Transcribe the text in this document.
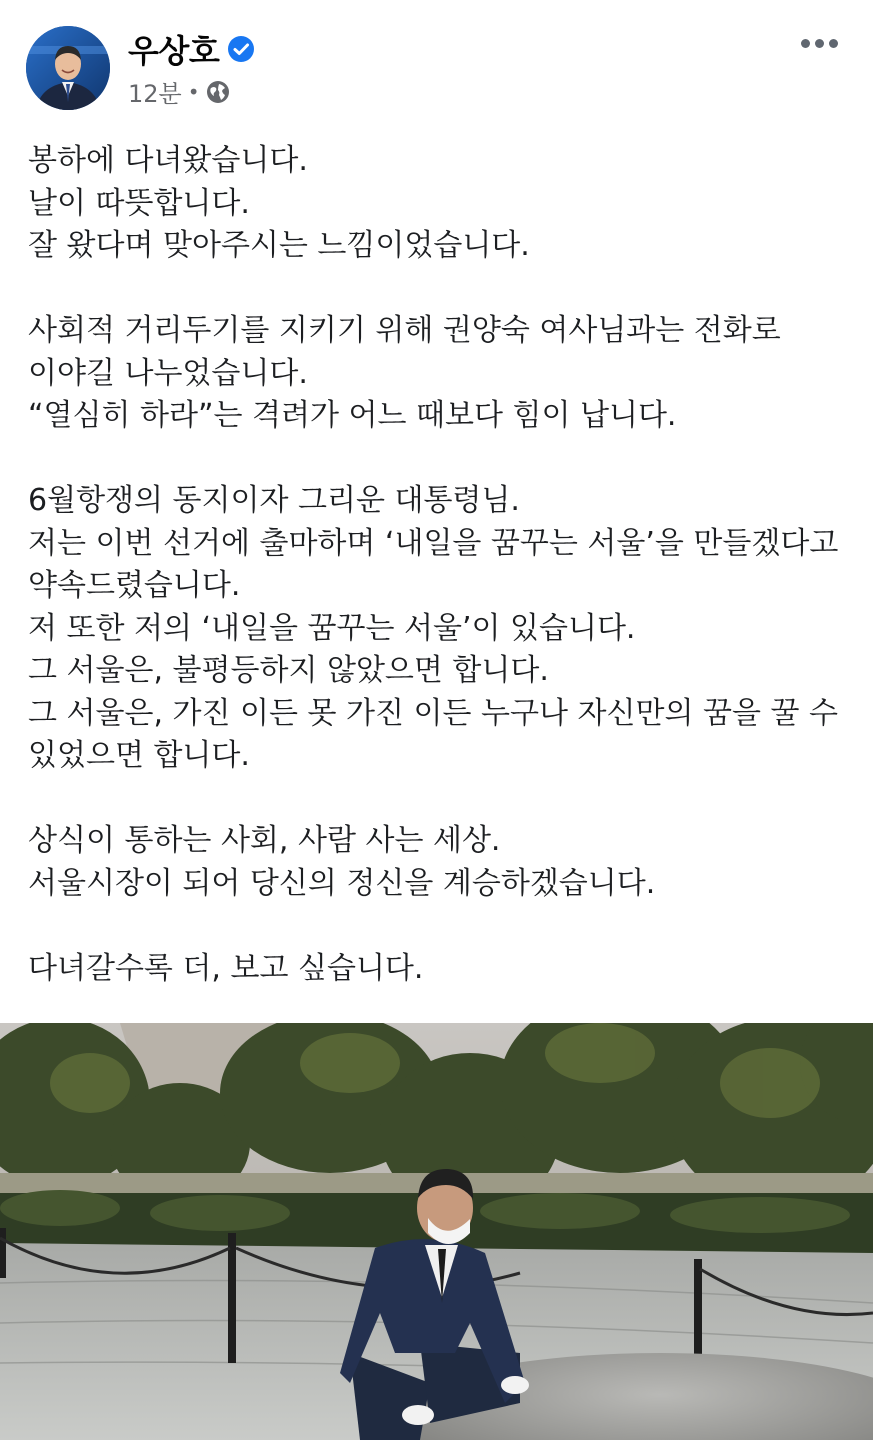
우상호
12분 •

봉하에 다녀왔습니다.
날이 따뜻합니다.
잘 왔다며 맞아주시는 느낌이었습니다.

사회적 거리두기를 지키기 위해 권양숙 여사님과는 전화로
이야길 나누었습니다.
“열심히 하라”는 격려가 어느 때보다 힘이 납니다.

6월항쟁의 동지이자 그리운 대통령님.
저는 이번 선거에 출마하며 ‘내일을 꿈꾸는 서울’을 만들겠다고
약속드렸습니다.
저 또한 저의 ‘내일을 꿈꾸는 서울’이 있습니다.
그 서울은, 불평등하지 않았으면 합니다.
그 서울은, 가진 이든 못 가진 이든 누구나 자신만의 꿈을 꿀 수
있었으면 합니다.

상식이 통하는 사회, 사람 사는 세상.
서울시장이 되어 당신의 정신을 계승하겠습니다.

다녀갈수록 더, 보고 싶습니다.
